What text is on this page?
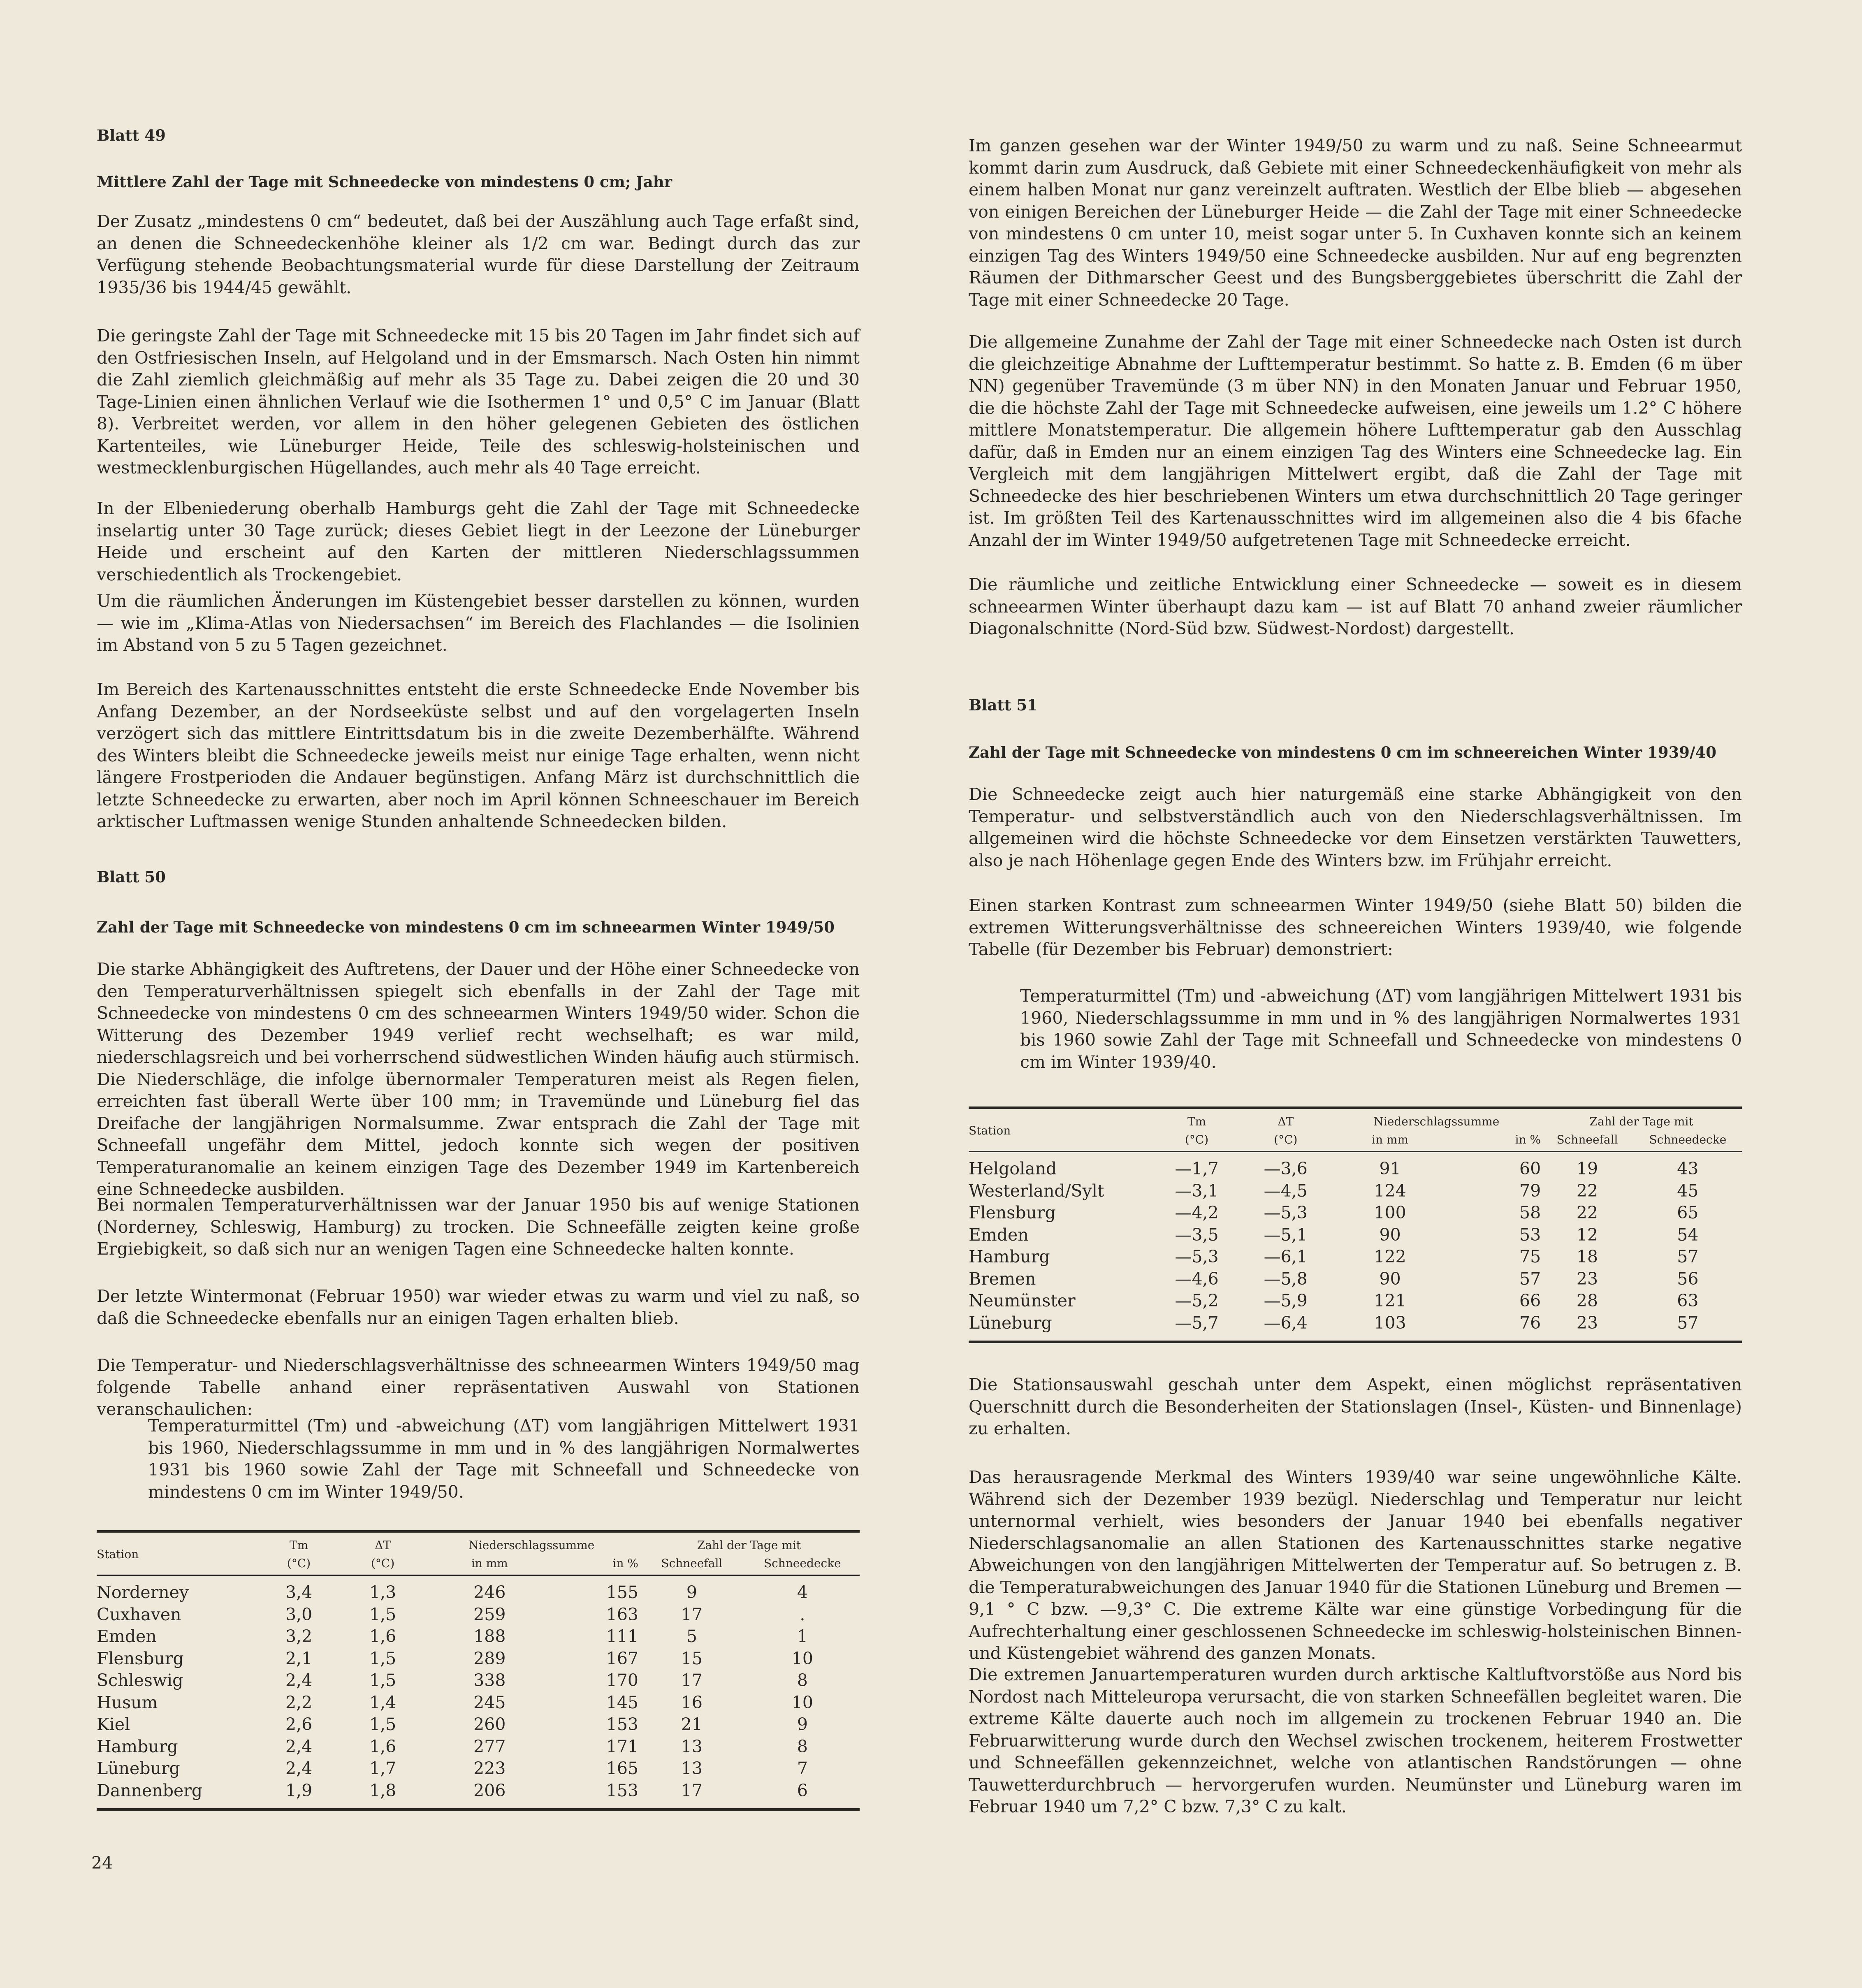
Blatt 49
Mittlere Zahl der Tage mit Schneedecke von mindestens 0 cm; Jahr

Der Zusatz „mindestens 0 cm“ bedeutet, daß bei der Auszählung auch Tage erfaßt sind, an denen die Schneedeckenhöhe kleiner als 1/2 cm war. Bedingt durch das zur Verfügung stehende Beobachtungsmaterial wurde für diese Darstellung der Zeitraum 1935/36 bis 1944/45 gewählt.

Die geringste Zahl der Tage mit Schneedecke mit 15 bis 20 Tagen im Jahr findet sich auf den Ostfriesischen Inseln, auf Helgoland und in der Emsmarsch. Nach Osten hin nimmt die Zahl ziemlich gleichmäßig auf mehr als 35 Tage zu. Dabei zeigen die 20 und 30 Tage-Linien einen ähnlichen Verlauf wie die Isothermen 1° und 0,5° C im Januar (Blatt 8). Verbreitet werden, vor allem in den höher gelegenen Gebieten des östlichen Kartenteiles, wie Lüneburger Heide, Teile des schleswig-holsteinischen und westmecklenburgischen Hügellandes, auch mehr als 40 Tage erreicht.

In der Elbeniederung oberhalb Hamburgs geht die Zahl der Tage mit Schneedecke inselartig unter 30 Tage zurück; dieses Gebiet liegt in der Leezone der Lüneburger Heide und erscheint auf den Karten der mittleren Niederschlagssummen verschiedentlich als Trockengebiet.

Um die räumlichen Änderungen im Küstengebiet besser darstellen zu können, wurden — wie im „Klima-Atlas von Niedersachsen“ im Bereich des Flachlandes — die Isolinien im Abstand von 5 zu 5 Tagen gezeichnet.

Im Bereich des Kartenausschnittes entsteht die erste Schneedecke Ende November bis Anfang Dezember, an der Nordseeküste selbst und auf den vorgelagerten Inseln verzögert sich das mittlere Eintrittsdatum bis in die zweite Dezemberhälfte. Während des Winters bleibt die Schneedecke jeweils meist nur einige Tage erhalten, wenn nicht längere Frostperioden die Andauer begünstigen. Anfang März ist durchschnittlich die letzte Schneedecke zu erwarten, aber noch im April können Schneeschauer im Bereich arktischer Luftmassen wenige Stunden anhaltende Schneedecken bilden.

Blatt 50
Zahl der Tage mit Schneedecke von mindestens 0 cm im schneearmen Winter 1949/50

Die starke Abhängigkeit des Auftretens, der Dauer und der Höhe einer Schneedecke von den Temperaturverhältnissen spiegelt sich ebenfalls in der Zahl der Tage mit Schneedecke von mindestens 0 cm des schneearmen Winters 1949/50 wider. Schon die Witterung des Dezember 1949 verlief recht wechselhaft; es war mild, niederschlagsreich und bei vorherrschend südwestlichen Winden häufig auch stürmisch. Die Niederschläge, die infolge übernormaler Temperaturen meist als Regen fielen, erreichten fast überall Werte über 100 mm; in Travemünde und Lüneburg fiel das Dreifache der langjährigen Normalsumme. Zwar entsprach die Zahl der Tage mit Schneefall ungefähr dem Mittel, jedoch konnte sich wegen der positiven Temperaturanomalie an keinem einzigen Tage des Dezember 1949 im Kartenbereich eine Schneedecke ausbilden.

Bei normalen Temperaturverhältnissen war der Januar 1950 bis auf wenige Stationen (Norderney, Schleswig, Hamburg) zu trocken. Die Schneefälle zeigten keine große Ergiebigkeit, so daß sich nur an wenigen Tagen eine Schneedecke halten konnte.

Der letzte Wintermonat (Februar 1950) war wieder etwas zu warm und viel zu naß, so daß die Schneedecke ebenfalls nur an einigen Tagen erhalten blieb.

Die Temperatur- und Niederschlagsverhältnisse des schneearmen Winters 1949/50 mag folgende Tabelle anhand einer repräsentativen Auswahl von Stationen veranschaulichen:

Temperaturmittel (Tm) und -abweichung (ΔT) vom langjährigen Mittelwert 1931 bis 1960, Niederschlagssumme in mm und in % des langjährigen Normalwertes 1931 bis 1960 sowie Zahl der Tage mit Schneefall und Schneedecke von mindestens 0 cm im Winter 1949/50.

Station	Tm	ΔT	Niederschlagssumme		Zahl der Tage mit	
	(°C)	(°C)	in mm	in %	Schneefall	Schneedecke
Norderney	3,4	1,3	246	155	9	4
Cuxhaven	3,0	1,5	259	163	17	.
Emden	3,2	1,6	188	111	5	1
Flensburg	2,1	1,5	289	167	15	10
Schleswig	2,4	1,5	338	170	17	8
Husum	2,2	1,4	245	145	16	10
Kiel	2,6	1,5	260	153	21	9
Hamburg	2,4	1,6	277	171	13	8
Lüneburg	2,4	1,7	223	165	13	7
Dannenberg	1,9	1,8	206	153	17	6

Im ganzen gesehen war der Winter 1949/50 zu warm und zu naß. Seine Schneearmut kommt darin zum Ausdruck, daß Gebiete mit einer Schneedeckenhäufigkeit von mehr als einem halben Monat nur ganz vereinzelt auftraten. Westlich der Elbe blieb — abgesehen von einigen Bereichen der Lüneburger Heide — die Zahl der Tage mit einer Schneedecke von mindestens 0 cm unter 10, meist sogar unter 5. In Cuxhaven konnte sich an keinem einzigen Tag des Winters 1949/50 eine Schneedecke ausbilden. Nur auf eng begrenzten Räumen der Dithmarscher Geest und des Bungsberggebietes überschritt die Zahl der Tage mit einer Schneedecke 20 Tage.

Die allgemeine Zunahme der Zahl der Tage mit einer Schneedecke nach Osten ist durch die gleichzeitige Abnahme der Lufttemperatur bestimmt. So hatte z. B. Emden (6 m über NN) gegenüber Travemünde (3 m über NN) in den Monaten Januar und Februar 1950, die die höchste Zahl der Tage mit Schneedecke aufweisen, eine jeweils um 1.2° C höhere mittlere Monatstemperatur. Die allgemein höhere Lufttemperatur gab den Ausschlag dafür, daß in Emden nur an einem einzigen Tag des Winters eine Schneedecke lag. Ein Vergleich mit dem langjährigen Mittelwert ergibt, daß die Zahl der Tage mit Schneedecke des hier beschriebenen Winters um etwa durchschnittlich 20 Tage geringer ist. Im größten Teil des Kartenausschnittes wird im allgemeinen also die 4 bis 6fache Anzahl der im Winter 1949/50 aufgetretenen Tage mit Schneedecke erreicht.

Die räumliche und zeitliche Entwicklung einer Schneedecke — soweit es in diesem schneearmen Winter überhaupt dazu kam — ist auf Blatt 70 anhand zweier räumlicher Diagonalschnitte (Nord-Süd bzw. Südwest-Nordost) dargestellt.

Blatt 51
Zahl der Tage mit Schneedecke von mindestens 0 cm im schneereichen Winter 1939/40

Die Schneedecke zeigt auch hier naturgemäß eine starke Abhängigkeit von den Temperatur- und selbstverständlich auch von den Niederschlagsverhältnissen. Im allgemeinen wird die höchste Schneedecke vor dem Einsetzen verstärkten Tauwetters, also je nach Höhenlage gegen Ende des Winters bzw. im Frühjahr erreicht.

Einen starken Kontrast zum schneearmen Winter 1949/50 (siehe Blatt 50) bilden die extremen Witterungsverhältnisse des schneereichen Winters 1939/40, wie folgende Tabelle (für Dezember bis Februar) demonstriert:

Temperaturmittel (Tm) und -abweichung (ΔT) vom langjährigen Mittelwert 1931 bis 1960, Niederschlagssumme in mm und in % des langjährigen Normalwertes 1931 bis 1960 sowie Zahl der Tage mit Schneefall und Schneedecke von mindestens 0 cm im Winter 1939/40.

Station	Tm	ΔT	Niederschlagssumme		Zahl der Tage mit	
	(°C)	(°C)	in mm	in %	Schneefall	Schneedecke
Helgoland	—1,7	—3,6	91	60	19	43
Westerland/Sylt	—3,1	—4,5	124	79	22	45
Flensburg	—4,2	—5,3	100	58	22	65
Emden	—3,5	—5,1	90	53	12	54
Hamburg	—5,3	—6,1	122	75	18	57
Bremen	—4,6	—5,8	90	57	23	56
Neumünster	—5,2	—5,9	121	66	28	63
Lüneburg	—5,7	—6,4	103	76	23	57

Die Stationsauswahl geschah unter dem Aspekt, einen möglichst repräsentativen Querschnitt durch die Besonderheiten der Stationslagen (Insel-, Küsten- und Binnenlage) zu erhalten.

Das herausragende Merkmal des Winters 1939/40 war seine ungewöhnliche Kälte. Während sich der Dezember 1939 bezügl. Niederschlag und Temperatur nur leicht unternormal verhielt, wies besonders der Januar 1940 bei ebenfalls negativer Niederschlagsanomalie an allen Stationen des Kartenausschnittes starke negative Abweichungen von den langjährigen Mittelwerten der Temperatur auf. So betrugen z. B. die Temperaturabweichungen des Januar 1940 für die Stationen Lüneburg und Bremen —9,1 ° C bzw. —9,3° C. Die extreme Kälte war eine günstige Vorbedingung für die Aufrechterhaltung einer geschlossenen Schneedecke im schleswig-holsteinischen Binnen- und Küstengebiet während des ganzen Monats.

Die extremen Januartemperaturen wurden durch arktische Kaltluftvorstöße aus Nord bis Nordost nach Mitteleuropa verursacht, die von starken Schneefällen begleitet waren. Die extreme Kälte dauerte auch noch im allgemein zu trockenen Februar 1940 an. Die Februarwitterung wurde durch den Wechsel zwischen trockenem, heiterem Frostwetter und Schneefällen gekennzeichnet, welche von atlantischen Randstörungen — ohne Tauwetterdurchbruch — hervorgerufen wurden. Neumünster und Lüneburg waren im Februar 1940 um 7,2° C bzw. 7,3° C zu kalt.

24
